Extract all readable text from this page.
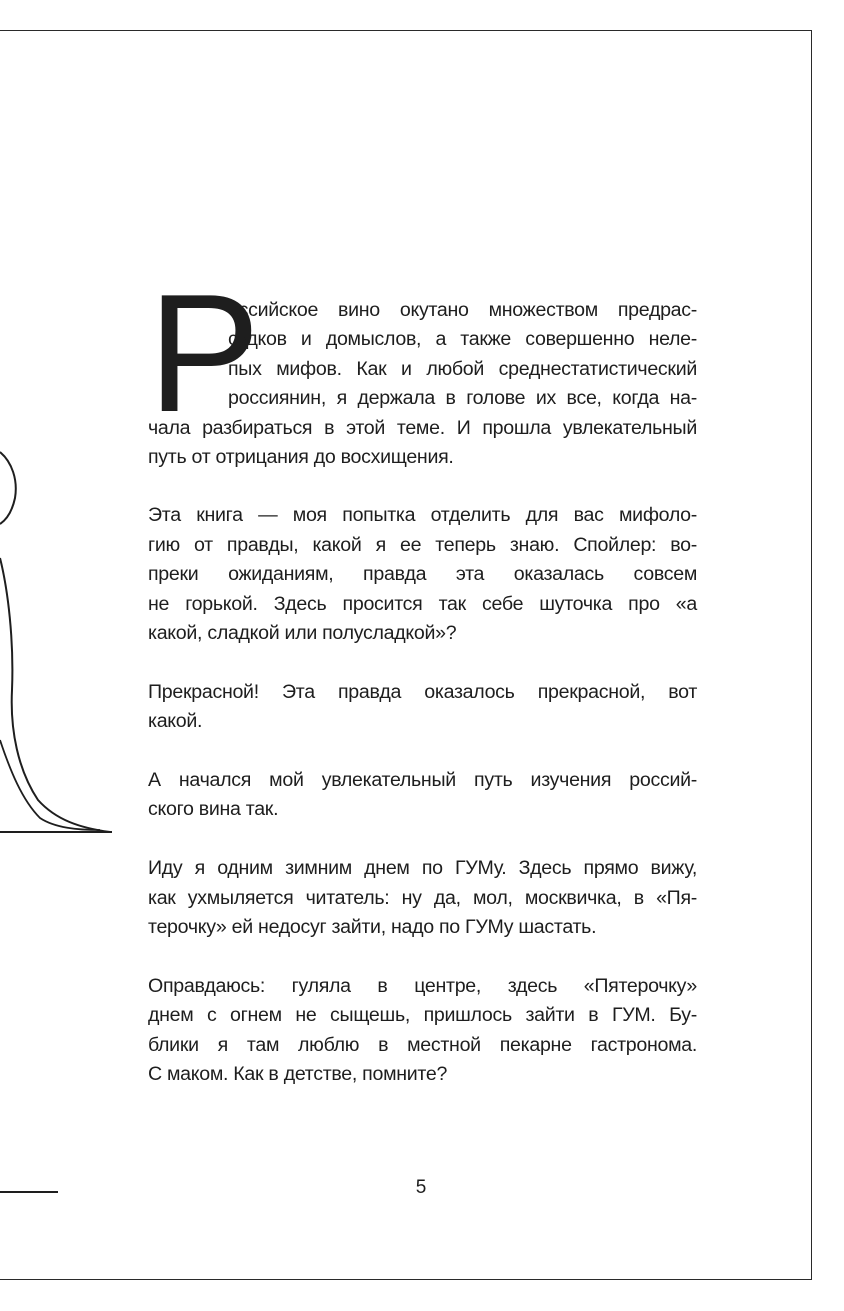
Р
оссийское вино окутано множеством предрас-
судков и домыслов, а также совершенно неле-
пых мифов. Как и любой среднестатистический
россиянин, я держала в голове их все, когда на-
чала разбираться в этой теме. И прошла увлекательный
путь от отрицания до восхищения.

Эта книга — моя попытка отделить для вас мифоло-
гию от правды, какой я ее теперь знаю. Спойлер: во-
преки ожиданиям, правда эта оказалась совсем
не горькой. Здесь просится так себе шуточка про «а
какой, сладкой или полусладкой»?

Прекрасной! Эта правда оказалось прекрасной, вот
какой.

А начался мой увлекательный путь изучения россий-
ского вина так.

Иду я одним зимним днем по ГУМу. Здесь прямо вижу,
как ухмыляется читатель: ну да, мол, москвичка, в «Пя-
терочку» ей недосуг зайти, надо по ГУМу шастать.

Оправдаюсь: гуляла в центре, здесь «Пятерочку»
днем с огнем не сыщешь, пришлось зайти в ГУМ. Бу-
блики я там люблю в местной пекарне гастронома.
С маком. Как в детстве, помните?

5
